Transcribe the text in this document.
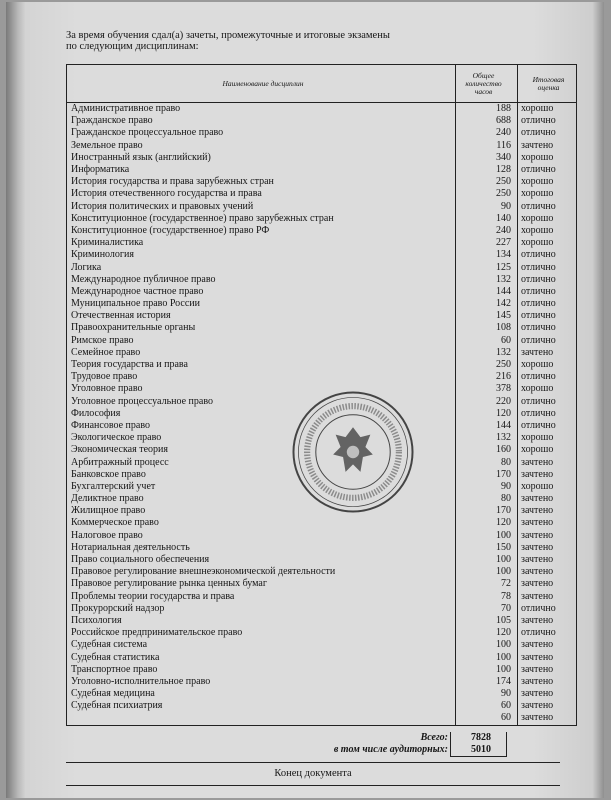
За время обучения сдал(а) зачеты, промежуточные и итоговые экзамены
по следующим дисциплинам:
Наименование дисциплин	Общее количество часов	Итоговая оценка
Административное право	188	хорошо
Гражданское право	688	отлично
Гражданское процессуальное право	240	отлично
Земельное право	116	зачтено
Иностранный язык (английский)	340	хорошо
Информатика	128	отлично
История государства и права зарубежных стран	250	хорошо
История отечественного государства и права	250	хорошо
История политических и правовых учений	90	отлично
Конституционное (государственное) право зарубежных стран	140	хорошо
Конституционное (государственное) право РФ	240	хорошо
Криминалистика	227	хорошо
Криминология	134	отлично
Логика	125	отлично
Международное публичное право	132	отлично
Международное частное право	144	отлично
Муниципальное право России	142	отлично
Отечественная история	145	отлично
Правоохранительные органы	108	отлично
Римское право	60	отлично
Семейное право	132	зачтено
Теория государства и права	250	хорошо
Трудовое право	216	отлично
Уголовное право	378	хорошо
Уголовное процессуальное право	220	отлично
Философия	120	отлично
Финансовое право	144	отлично
Экологическое право	132	хорошо
Экономическая теория	160	хорошо
Арбитражный процесс	80	зачтено
Банковское право	170	зачтено
Бухгалтерский учет	90	хорошо
Деликтное право	80	зачтено
Жилищное право	170	зачтено
Коммерческое право	120	зачтено
Налоговое право	100	зачтено
Нотариальная деятельность	150	зачтено
Право социального обеспечения	100	зачтено
Правовое регулирование внешнеэкономической деятельности	100	зачтено
Правовое регулирование рынка ценных бумаг	72	зачтено
Проблемы теории государства и права	78	зачтено
Прокурорский надзор	70	отлично
Психология	105	зачтено
Российское предпринимательское право	120	отлично
Судебная система	100	зачтено
Судебная статистика	100	зачтено
Транспортное право	100	зачтено
Уголовно-исполнительное право	174	зачтено
Судебная медицина	90	зачтено
Судебная психиатрия	60	зачтено
	60	зачтено
Всего:	7828
в том числе аудиторных:	5010
Конец документа
